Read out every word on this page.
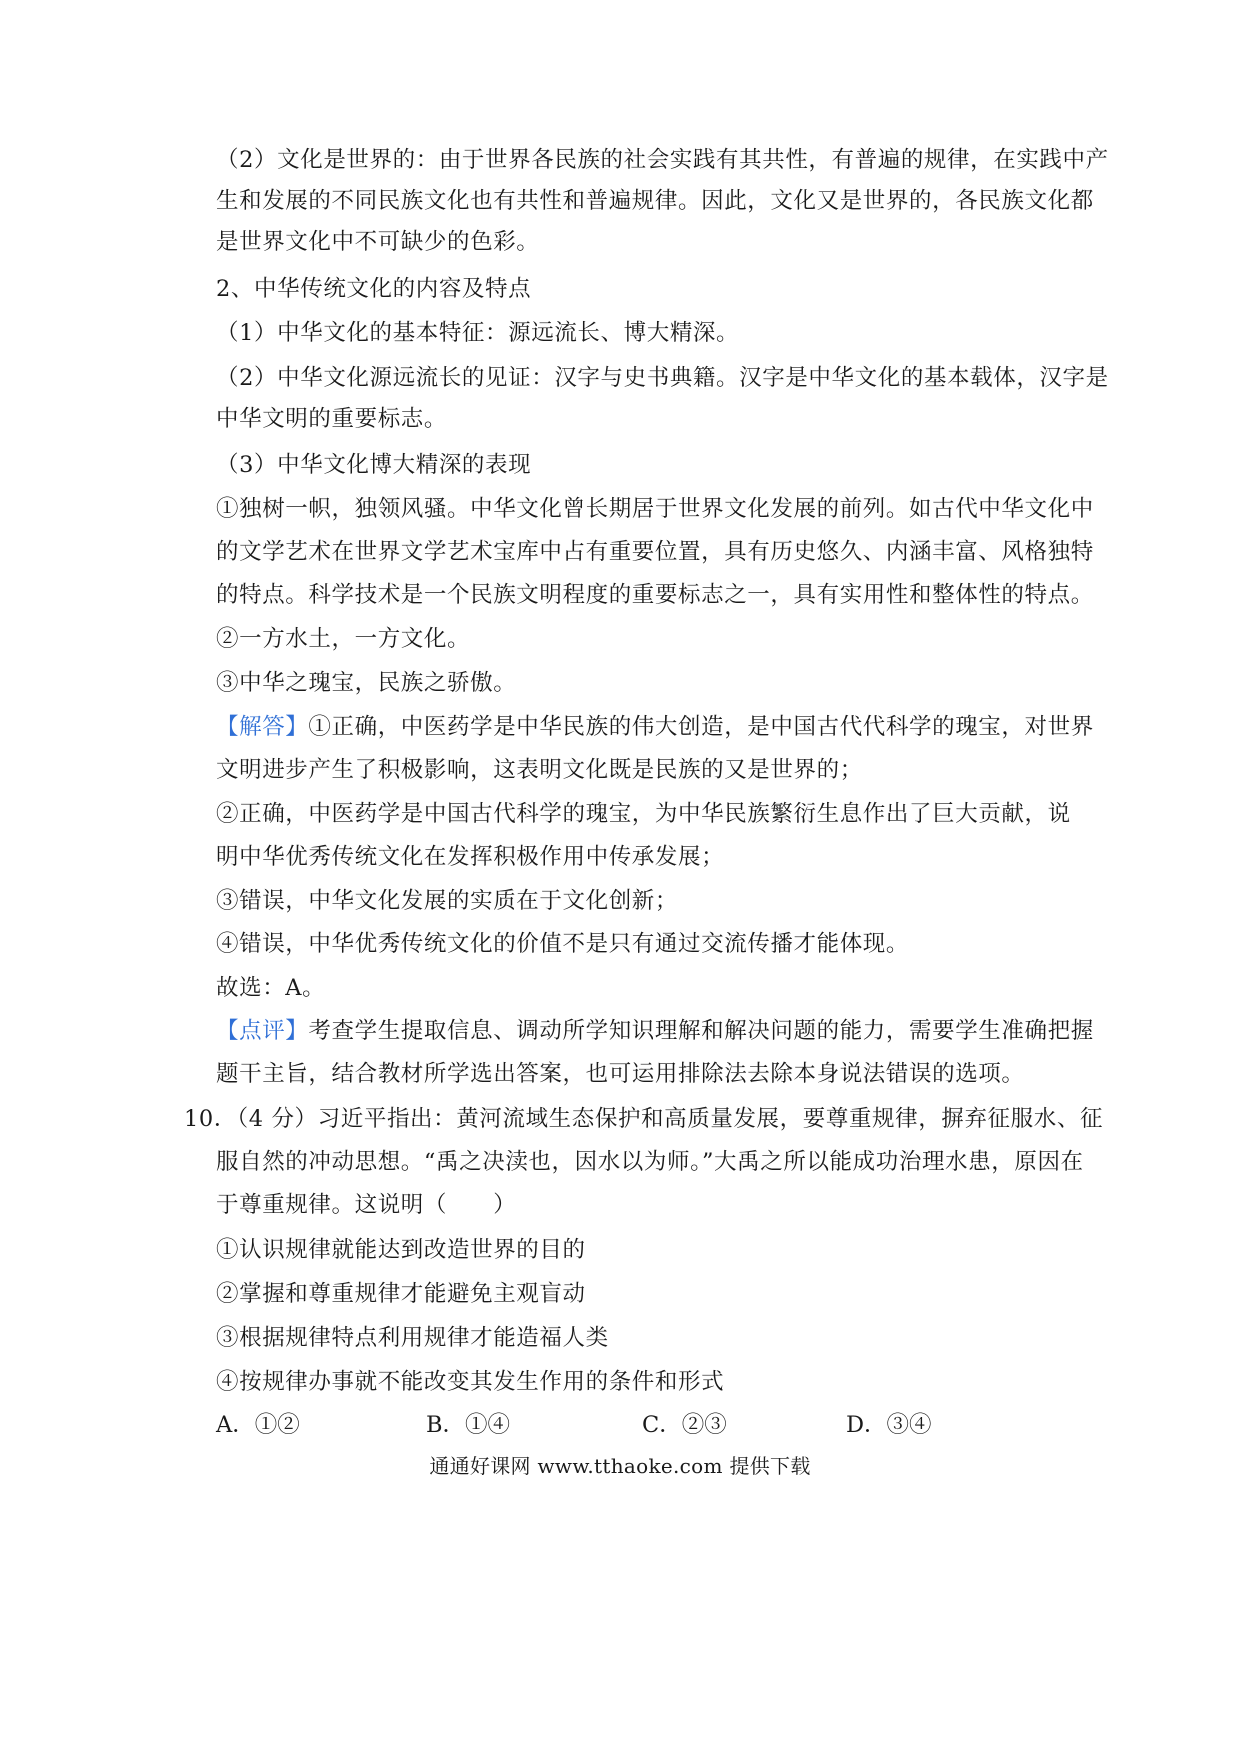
（2）文化是世界的：由于世界各民族的社会实践有其共性，有普遍的规律，在实践中产
生和发展的不同民族文化也有共性和普遍规律。因此，文化又是世界的，各民族文化都
是世界文化中不可缺少的色彩。
2、中华传统文化的内容及特点
（1）中华文化的基本特征：源远流长、博大精深。
（2）中华文化源远流长的见证：汉字与史书典籍。汉字是中华文化的基本载体，汉字是
中华文明的重要标志。
（3）中华文化博大精深的表现
①独树一帜，独领风骚。中华文化曾长期居于世界文化发展的前列。如古代中华文化中
的文学艺术在世界文学艺术宝库中占有重要位置，具有历史悠久、内涵丰富、风格独特
的特点。科学技术是一个民族文明程度的重要标志之一，具有实用性和整体性的特点。
②一方水土，一方文化。
③中华之瑰宝，民族之骄傲。
【解答】①正确，中医药学是中华民族的伟大创造，是中国古代代科学的瑰宝，对世界
文明进步产生了积极影响，这表明文化既是民族的又是世界的；
②正确，中医药学是中国古代科学的瑰宝，为中华民族繁衍生息作出了巨大贡献，说
明中华优秀传统文化在发挥积极作用中传承发展；
③错误，中华文化发展的实质在于文化创新；
④错误，中华优秀传统文化的价值不是只有通过交流传播才能体现。
故选：A。
【点评】考查学生提取信息、调动所学知识理解和解决问题的能力，需要学生准确把握
题干主旨，结合教材所学选出答案，也可运用排除法去除本身说法错误的选项。
10．（4 分）习近平指出：黄河流域生态保护和高质量发展，要尊重规律，摒弃征服水、征
服自然的冲动思想。“禹之决渎也，因水以为师。”大禹之所以能成功治理水患，原因在
于尊重规律。这说明（　　）
①认识规律就能达到改造世界的目的
②掌握和尊重规律才能避免主观盲动
③根据规律特点利用规律才能造福人类
④按规律办事就不能改变其发生作用的条件和形式
A．①②	B．①④	C．②③	D．③④
通通好课网 www.tthaoke.com 提供下载
